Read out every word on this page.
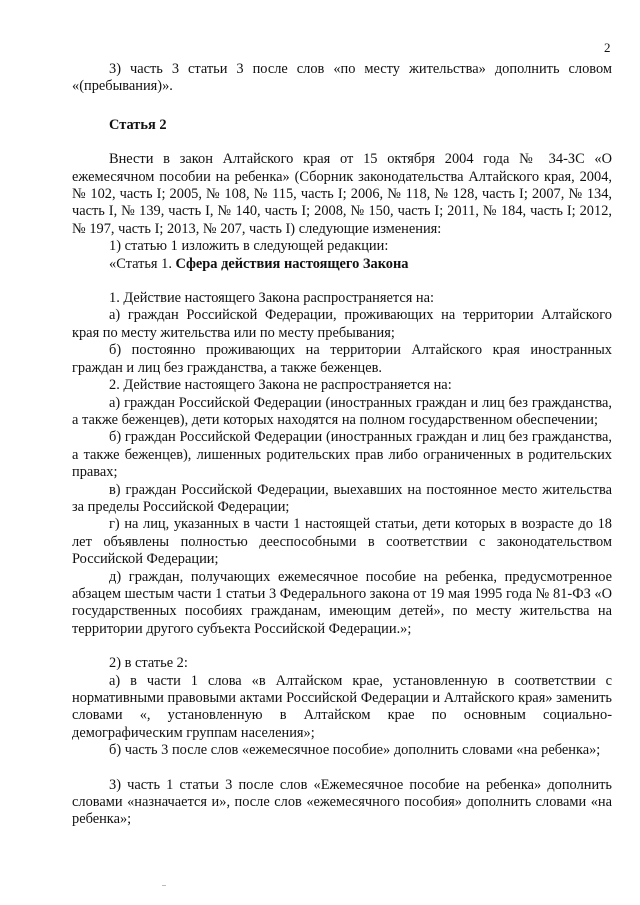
2

3) часть 3 статьи 3 после слов «по месту жительства» дополнить словом «(пребывания)».

Статья 2

Внести в закон Алтайского края от 15 октября 2004 года № 34-ЗС «О ежемесячном пособии на ребенка» (Сборник законодательства Алтайского края, 2004, № 102, часть I; 2005, № 108, № 115, часть I; 2006, № 118, № 128, часть I; 2007, № 134, часть I, № 139, часть I, № 140, часть I; 2008, № 150, часть I; 2011, № 184, часть I; 2012, № 197, часть I; 2013, № 207, часть I) следующие изменения:

1) статью 1 изложить в следующей редакции:

«Статья 1. Сфера действия настоящего Закона

1. Действие настоящего Закона распространяется на:

а) граждан Российской Федерации, проживающих на территории Алтайского края по месту жительства или по месту пребывания;

б) постоянно проживающих на территории Алтайского края иностранных граждан и лиц без гражданства, а также беженцев.

2. Действие настоящего Закона не распространяется на:

а) граждан Российской Федерации (иностранных граждан и лиц без гражданства, а также беженцев), дети которых находятся на полном государственном обеспечении;

б) граждан Российской Федерации (иностранных граждан и лиц без гражданства, а также беженцев), лишенных родительских прав либо ограниченных в родительских правах;

в) граждан Российской Федерации, выехавших на постоянное место жительства за пределы Российской Федерации;

г) на лиц, указанных в части 1 настоящей статьи, дети которых в возрасте до 18 лет объявлены полностью дееспособными в соответствии с законодательством Российской Федерации;

д) граждан, получающих ежемесячное пособие на ребенка, предусмотренное абзацем шестым части 1 статьи 3 Федерального закона от 19 мая 1995 года № 81-ФЗ «О государственных пособиях гражданам, имеющим детей», по месту жительства на территории другого субъекта Российской Федерации.»;

2) в статье 2:

а) в части 1 слова «в Алтайском крае, установленную в соответствии с нормативными правовыми актами Российской Федерации и Алтайского края» заменить словами «, установленную в Алтайском крае по основным социально-демографическим группам населения»;

б) часть 3 после слов «ежемесячное пособие» дополнить словами «на ребенка»;

3) часть 1 статьи 3 после слов «Ежемесячное пособие на ребенка» дополнить словами «назначается и», после слов «ежемесячного пособия» дополнить словами «на ребенка»;
